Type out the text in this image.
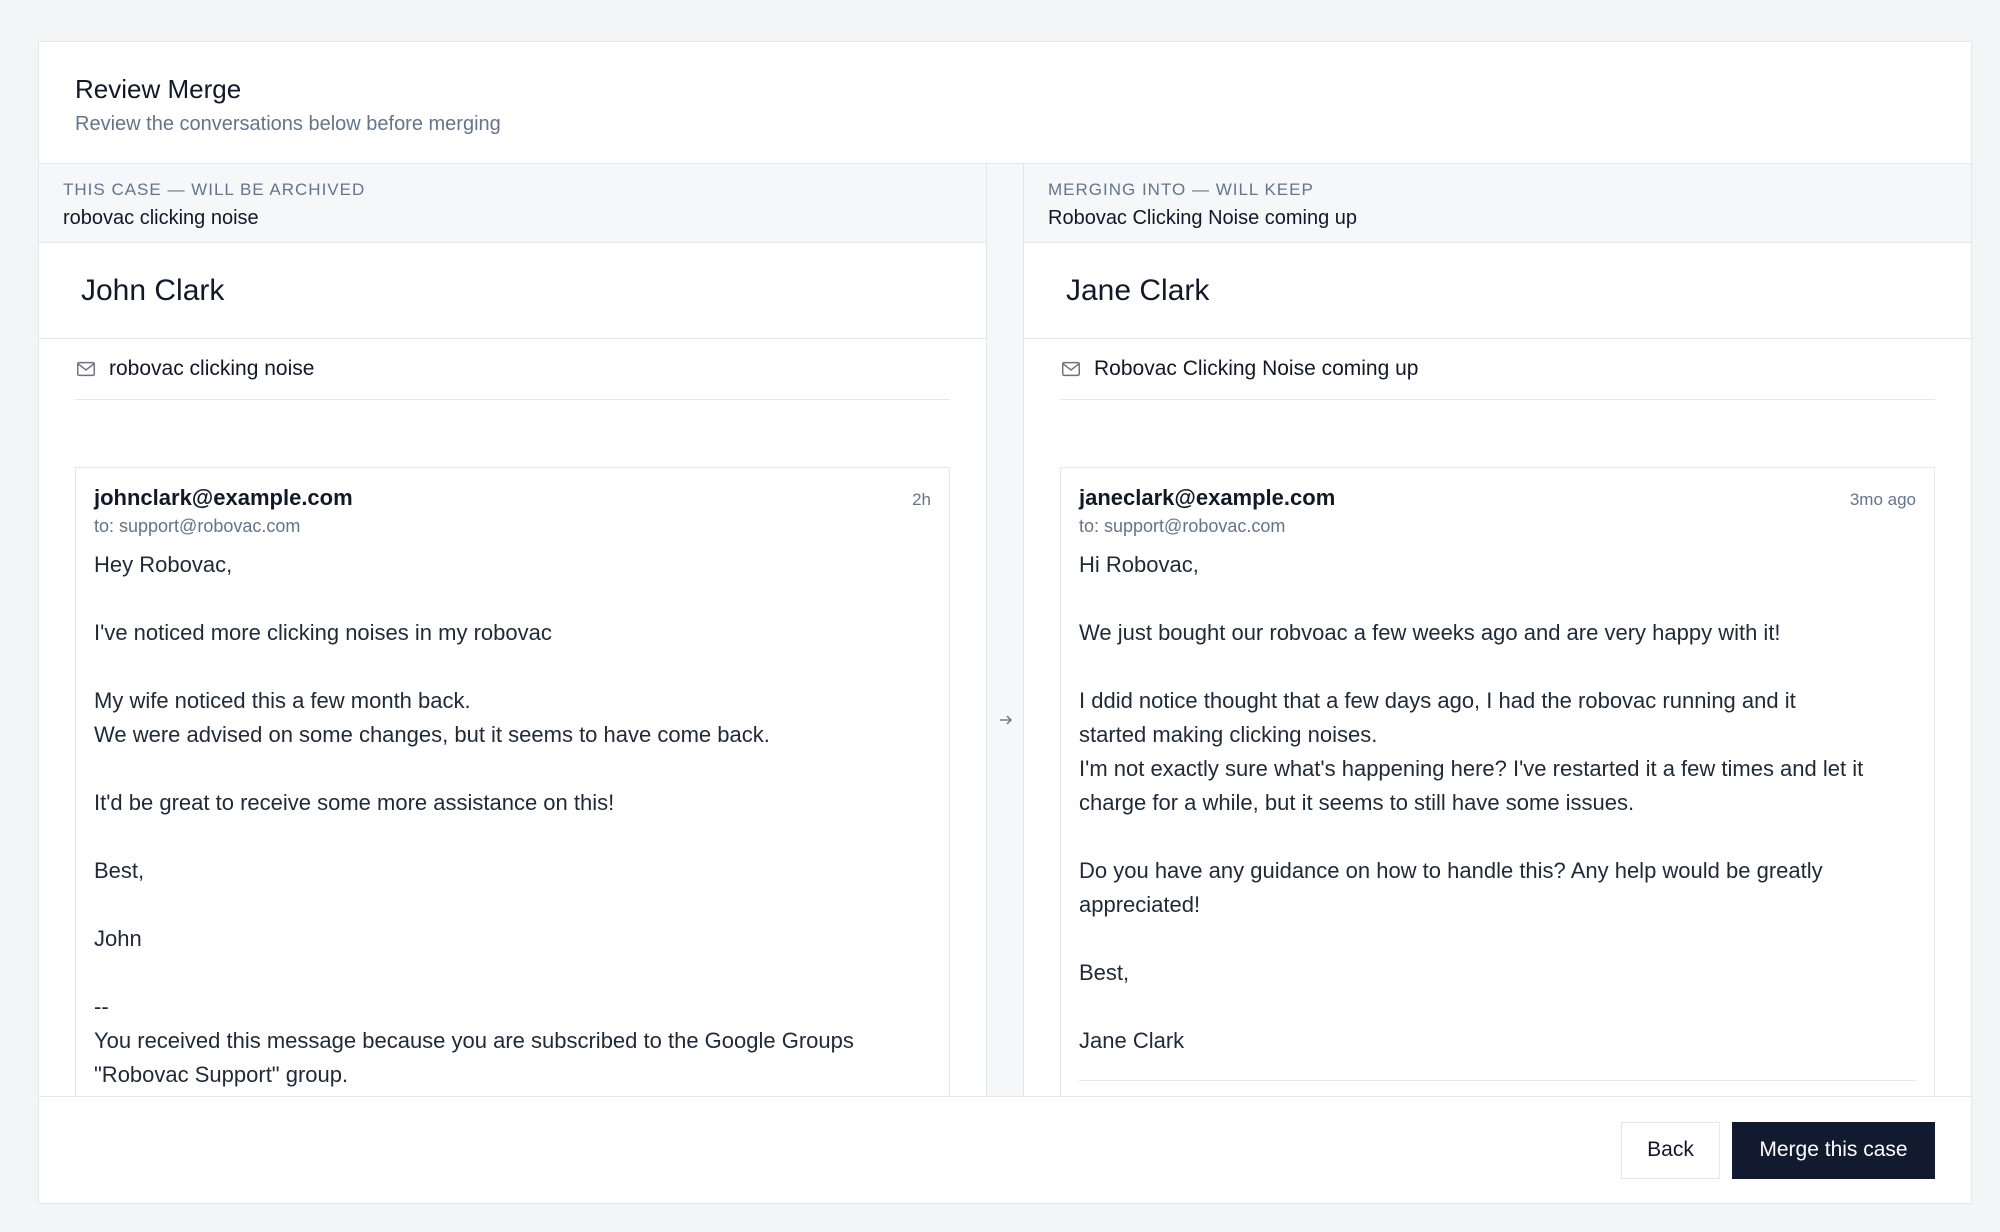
Review Merge
Review the conversations below before merging
THIS CASE — WILL BE ARCHIVED
robovac clicking noise
John Clark
robovac clicking noise
johnclark@example.com	2h
to: support@robovac.com
Hey Robovac,
I've noticed more clicking noises in my robovac
My wife noticed this a few month back.
We were advised on some changes, but it seems to have come back.
It'd be great to receive some more assistance on this!
Best,
John
--
You received this message because you are subscribed to the Google Groups
"Robovac Support" group.
MERGING INTO — WILL KEEP
Robovac Clicking Noise coming up
Jane Clark
Robovac Clicking Noise coming up
janeclark@example.com	3mo ago
to: support@robovac.com
Hi Robovac,
We just bought our robvoac a few weeks ago and are very happy with it!
I ddid notice thought that a few days ago, I had the robovac running and it
started making clicking noises.
I'm not exactly sure what's happening here? I've restarted it a few times and let it
charge for a while, but it seems to still have some issues.
Do you have any guidance on how to handle this? Any help would be greatly
appreciated!
Best,
Jane Clark
Back	Merge this case
